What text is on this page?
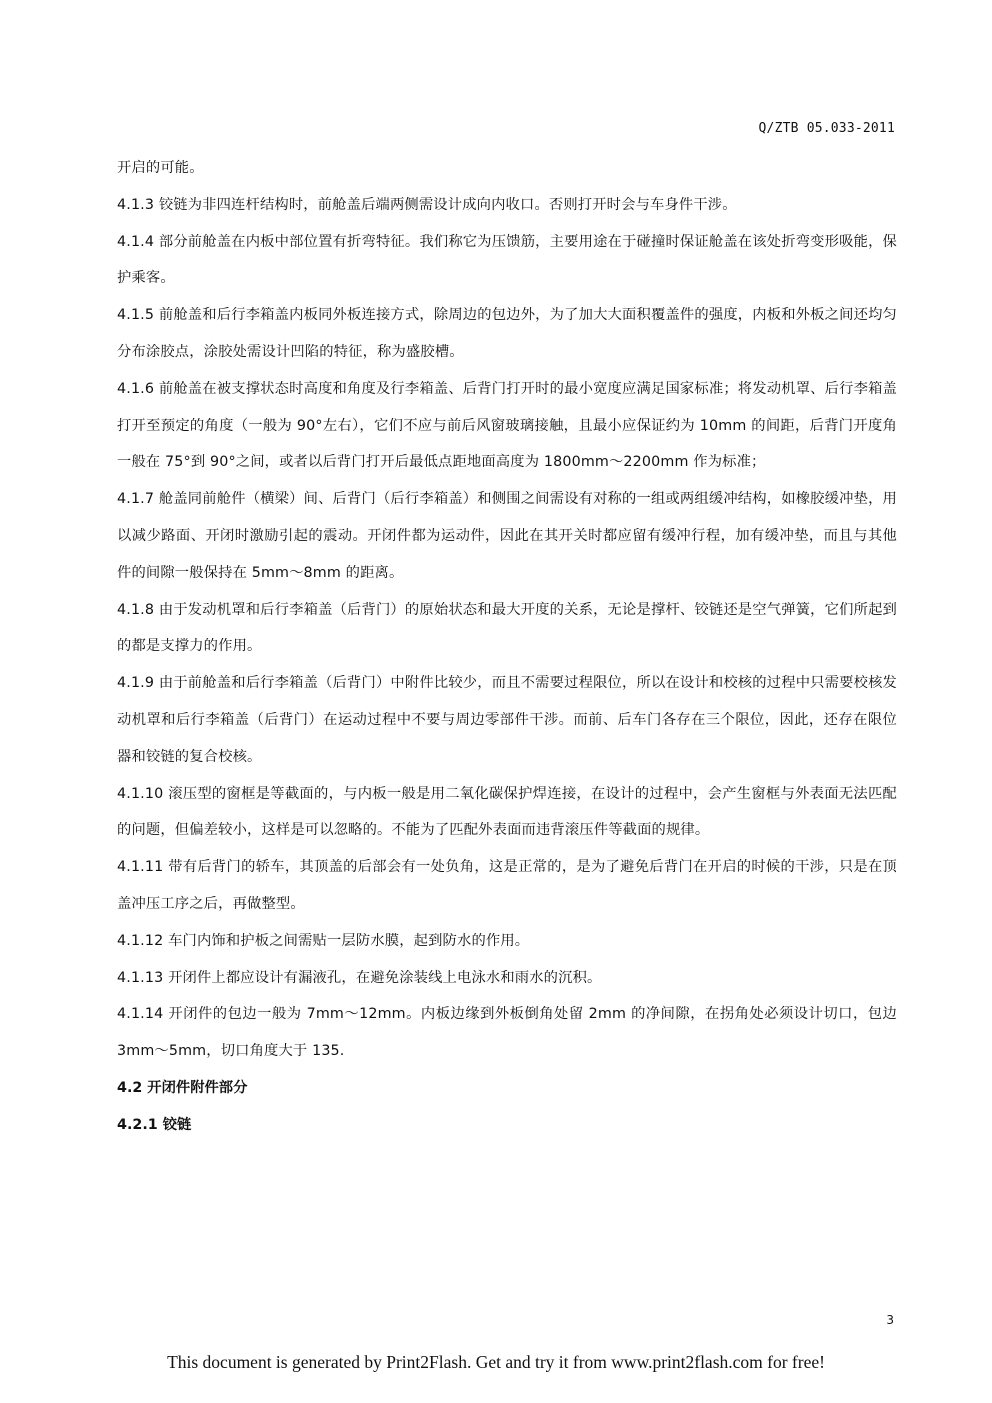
Q/ZTB 05.033-2011

开启的可能。

4.1.3 铰链为非四连杆结构时，前舱盖后端两侧需设计成向内收口。否则打开时会与车身件干涉。

4.1.4 部分前舱盖在内板中部位置有折弯特征。我们称它为压馈筋，主要用途在于碰撞时保证舱盖在该处折弯变形吸能，保护乘客。

4.1.5 前舱盖和后行李箱盖内板同外板连接方式，除周边的包边外，为了加大大面积覆盖件的强度，内板和外板之间还均匀分布涂胶点，涂胶处需设计凹陷的特征，称为盛胶槽。

4.1.6 前舱盖在被支撑状态时高度和角度及行李箱盖、后背门打开时的最小宽度应满足国家标准；将发动机罩、后行李箱盖打开至预定的角度（一般为 90°左右），它们不应与前后风窗玻璃接触，且最小应保证约为 10mm 的间距，后背门开度角一般在 75°到 90°之间，或者以后背门打开后最低点距地面高度为 1800mm～2200mm 作为标准；

4.1.7 舱盖同前舱件（横梁）间、后背门（后行李箱盖）和侧围之间需设有对称的一组或两组缓冲结构，如橡胶缓冲垫，用以减少路面、开闭时激励引起的震动。开闭件都为运动件，因此在其开关时都应留有缓冲行程，加有缓冲垫，而且与其他件的间隙一般保持在 5mm～8mm 的距离。

4.1.8 由于发动机罩和后行李箱盖（后背门）的原始状态和最大开度的关系，无论是撑杆、铰链还是空气弹簧，它们所起到的都是支撑力的作用。

4.1.9 由于前舱盖和后行李箱盖（后背门）中附件比较少，而且不需要过程限位，所以在设计和校核的过程中只需要校核发动机罩和后行李箱盖（后背门）在运动过程中不要与周边零部件干涉。而前、后车门各存在三个限位，因此，还存在限位器和铰链的复合校核。

4.1.10 滚压型的窗框是等截面的，与内板一般是用二氧化碳保护焊连接，在设计的过程中，会产生窗框与外表面无法匹配的问题，但偏差较小，这样是可以忽略的。不能为了匹配外表面而违背滚压件等截面的规律。

4.1.11 带有后背门的轿车，其顶盖的后部会有一处负角，这是正常的，是为了避免后背门在开启的时候的干涉，只是在顶盖冲压工序之后，再做整型。

4.1.12 车门内饰和护板之间需贴一层防水膜，起到防水的作用。

4.1.13 开闭件上都应设计有漏液孔，在避免涂装线上电泳水和雨水的沉积。

4.1.14 开闭件的包边一般为 7mm～12mm。内板边缘到外板倒角处留 2mm 的净间隙，在拐角处必须设计切口，包边 3mm～5mm，切口角度大于 135.

4.2 开闭件附件部分

4.2.1 铰链

3
This document is generated by Print2Flash. Get and try it from www.print2flash.com for free!
